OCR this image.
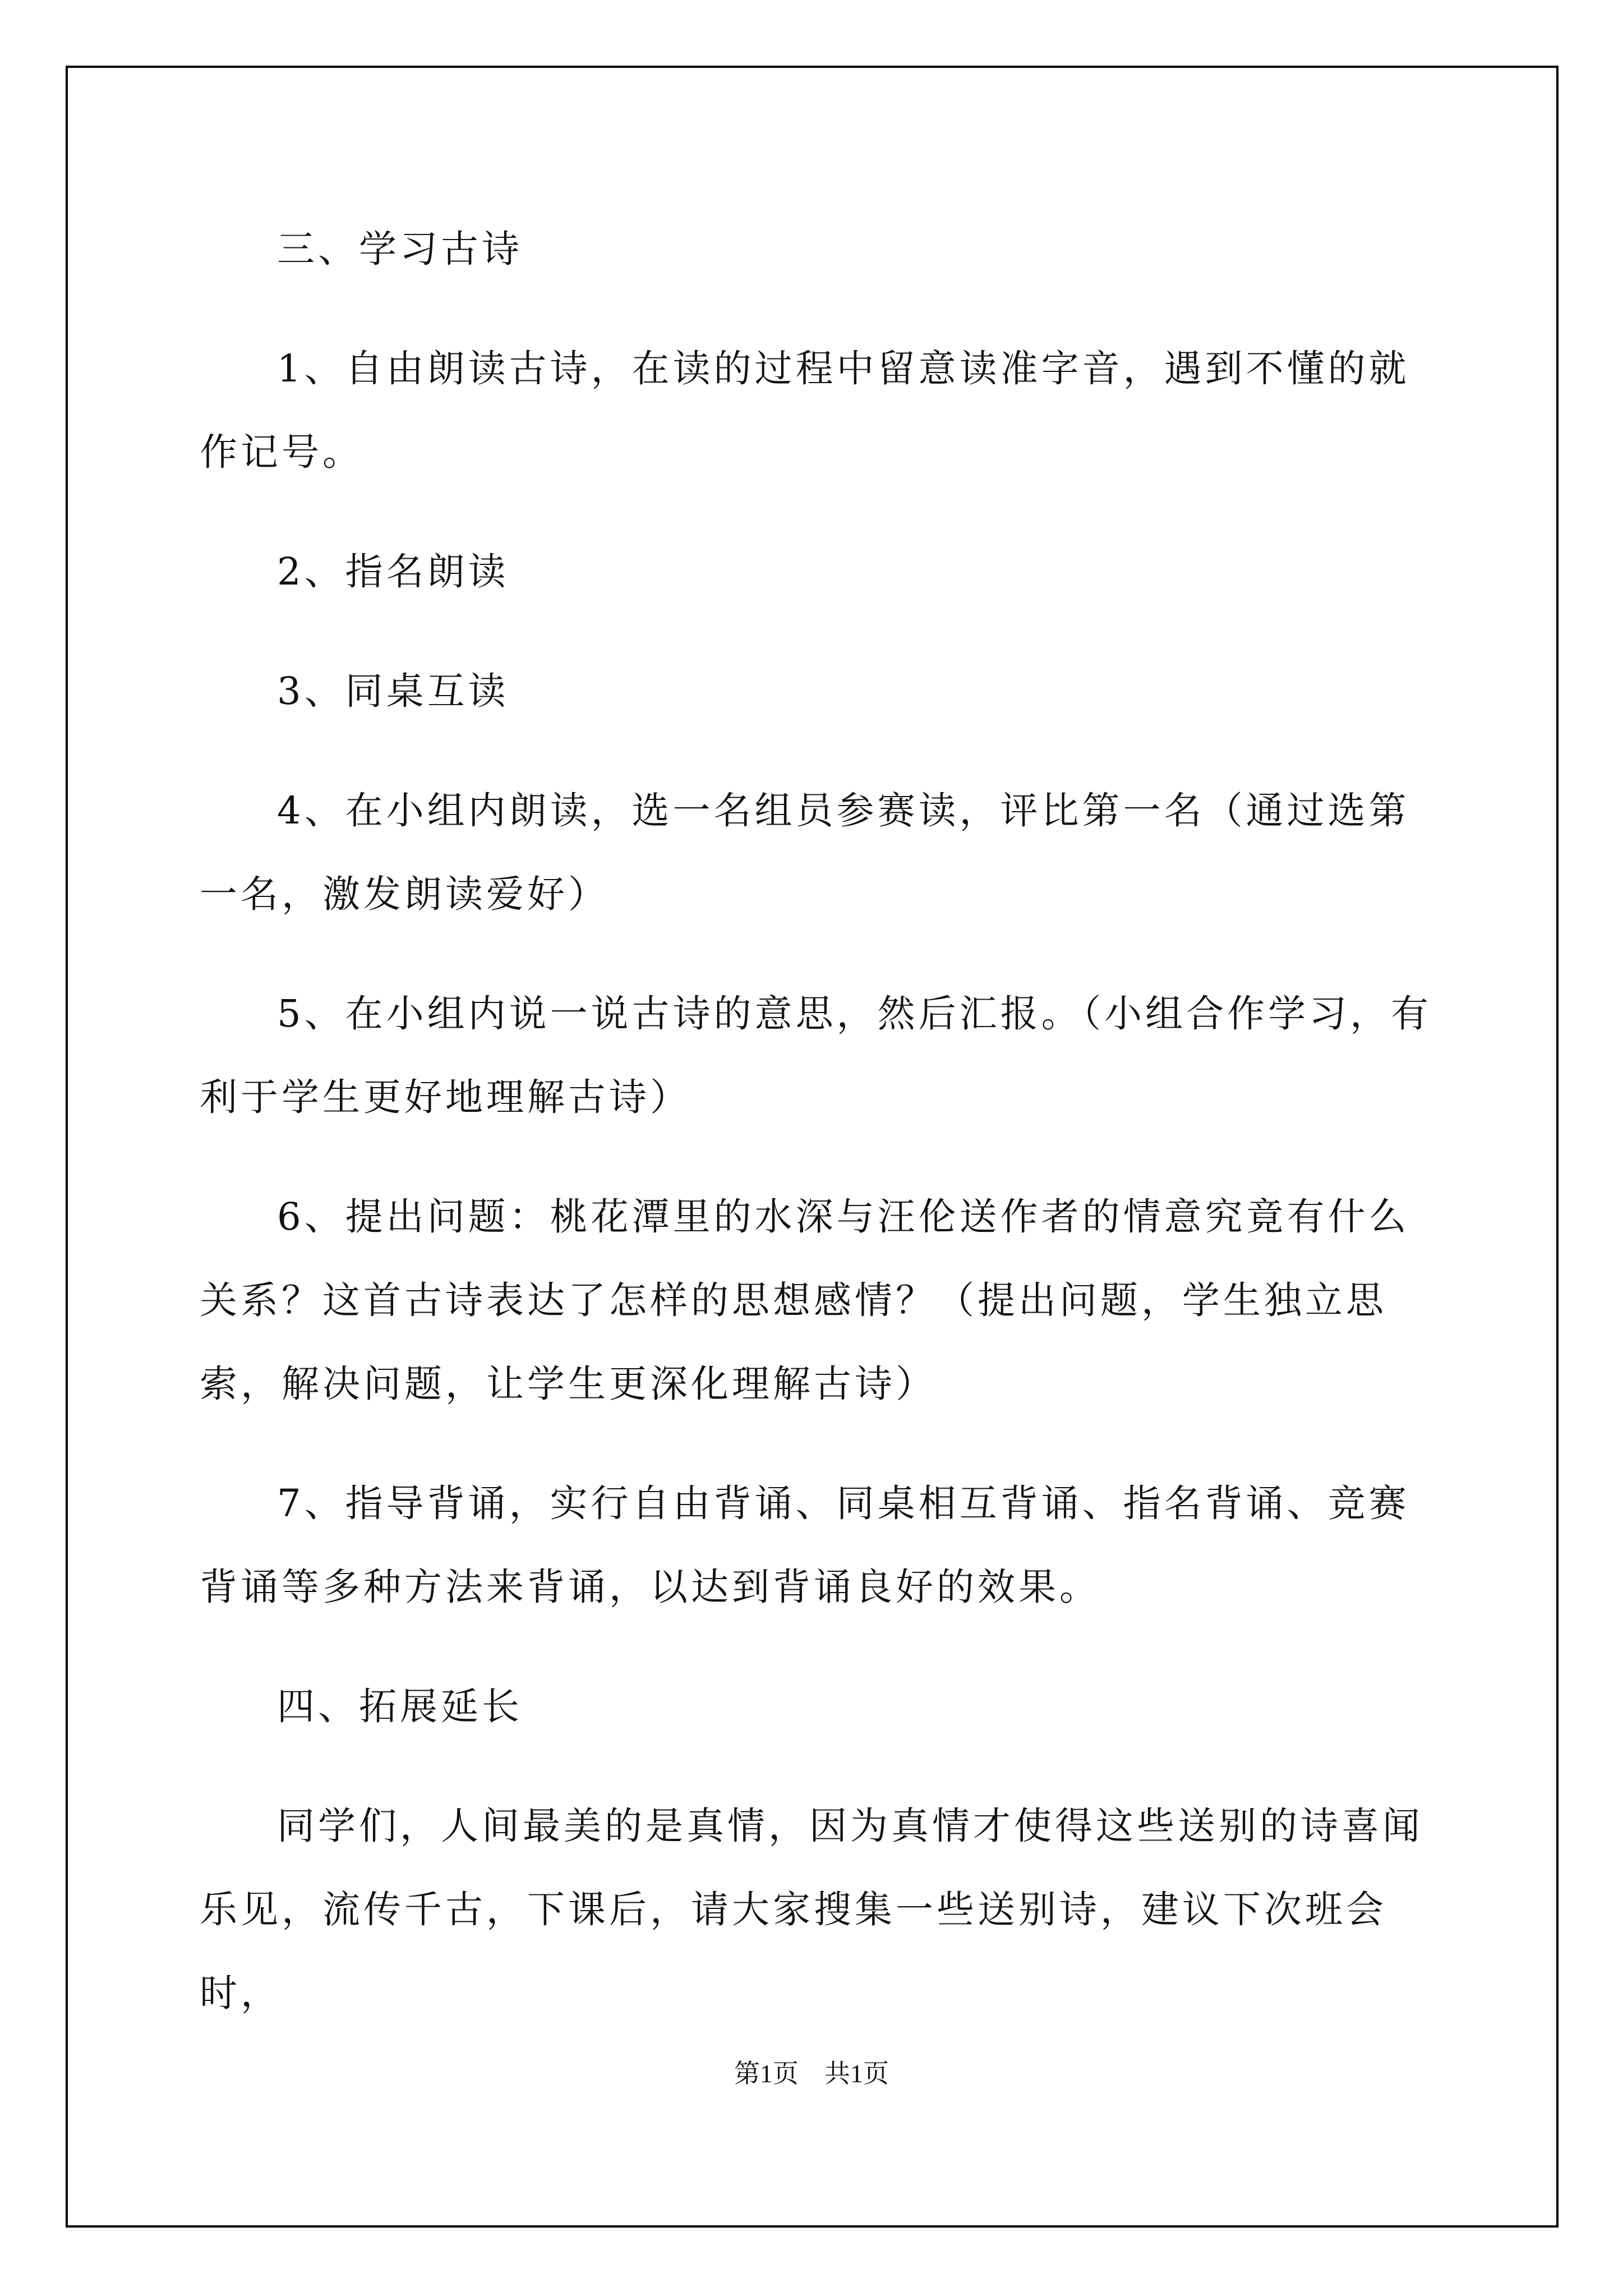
三、学习古诗

1、自由朗读古诗，在读的过程中留意读准字音，遇到不懂的就作记号。

2、指名朗读

3、同桌互读

4、在小组内朗读，选一名组员参赛读，评比第一名（通过选第一名，激发朗读爱好）

5、在小组内说一说古诗的意思，然后汇报。（小组合作学习，有利于学生更好地理解古诗）

6、提出问题：桃花潭里的水深与汪伦送作者的情意究竟有什么关系？这首古诗表达了怎样的思想感情？（提出问题，学生独立思索，解决问题，让学生更深化理解古诗）

7、指导背诵，实行自由背诵、同桌相互背诵、指名背诵、竞赛背诵等多种方法来背诵，以达到背诵良好的效果。

四、拓展延长

同学们，人间最美的是真情，因为真情才使得这些送别的诗喜闻乐见，流传千古，下课后，请大家搜集一些送别诗，建议下次班会时，

第1页　共1页
